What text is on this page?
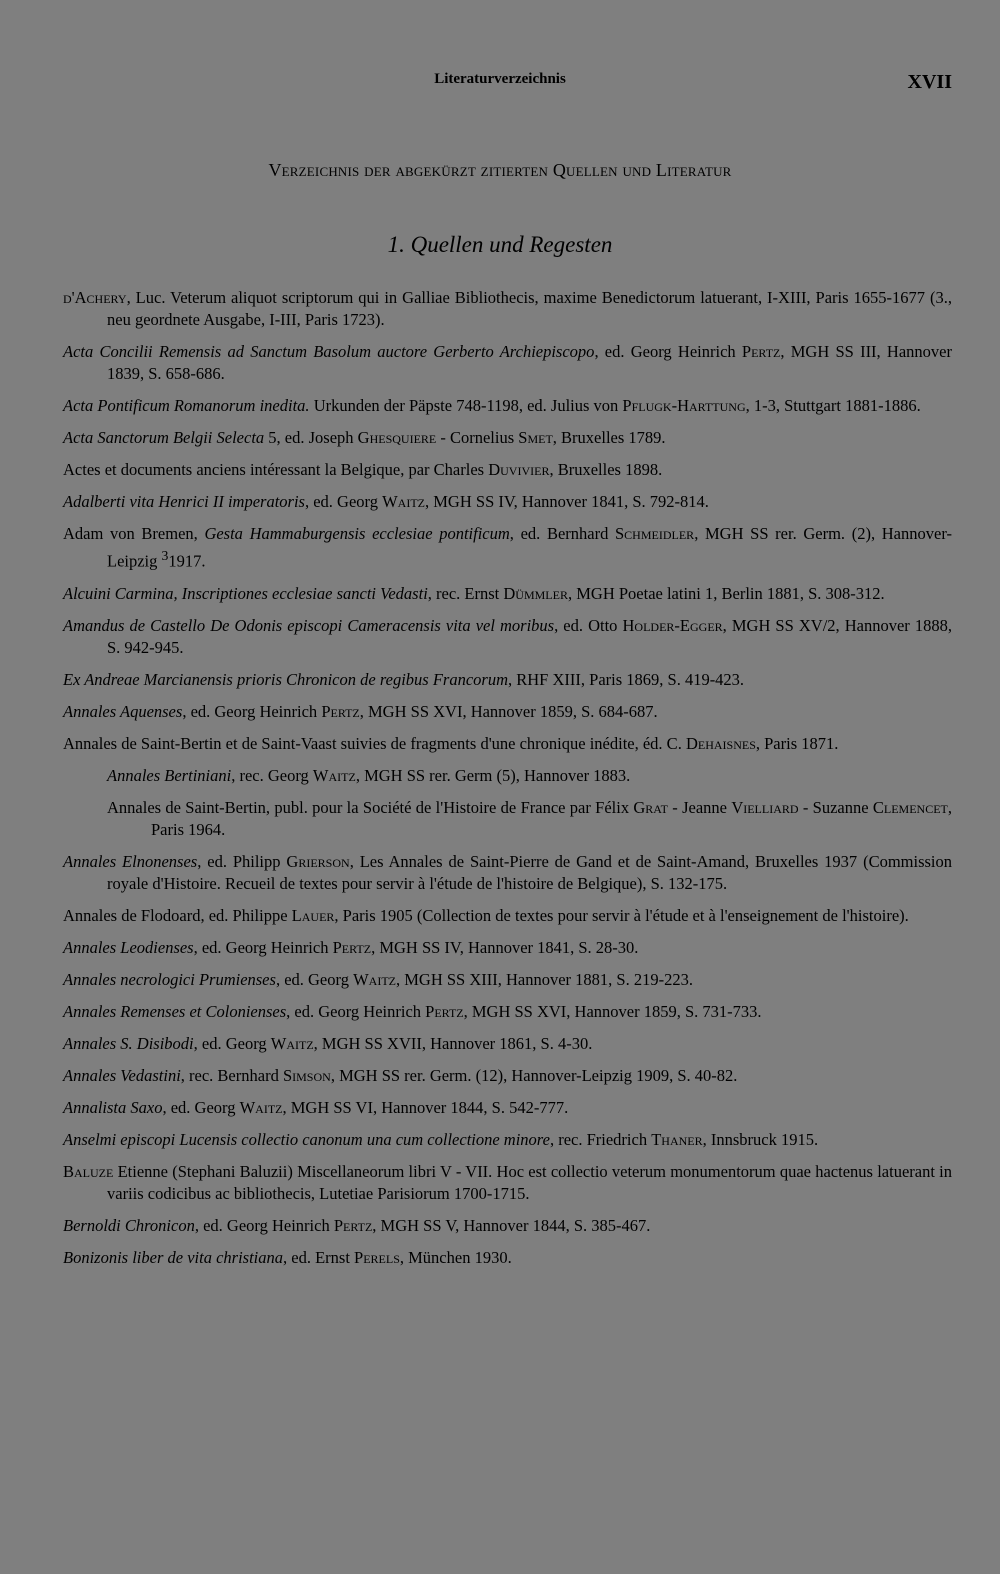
Literaturverzeichnis	XVII
Verzeichnis der abgekürzt zitierten Quellen und Literatur
1. Quellen und Regesten

d'Achery, Luc. Veterum aliquot scriptorum qui in Galliae Bibliothecis, maxime Benedictorum latuerant, I-XIII, Paris 1655-1677 (3., neu geordnete Ausgabe, I-III, Paris 1723).

Acta Concilii Remensis ad Sanctum Basolum auctore Gerberto Archiepiscopo, ed. Georg Heinrich Pertz, MGH SS III, Hannover 1839, S. 658-686.

Acta Pontificum Romanorum inedita. Urkunden der Päpste 748-1198, ed. Julius von Pflugk-Harttung, 1-3, Stuttgart 1881-1886.

Acta Sanctorum Belgii Selecta 5, ed. Joseph Ghesquiere - Cornelius Smet, Bruxelles 1789.

Actes et documents anciens intéressant la Belgique, par Charles Duvivier, Bruxelles 1898.

Adalberti vita Henrici II imperatoris, ed. Georg Waitz, MGH SS IV, Hannover 1841, S. 792-814.

Adam von Bremen, Gesta Hammaburgensis ecclesiae pontificum, ed. Bernhard Schmeidler, MGH SS rer. Germ. (2), Hannover-Leipzig $^3$1917.

Alcuini Carmina, Inscriptiones ecclesiae sancti Vedasti, rec. Ernst Dümmler, MGH Poetae latini 1, Berlin 1881, S. 308-312.

Amandus de Castello De Odonis episcopi Cameracensis vita vel moribus, ed. Otto Holder-Egger, MGH SS XV/2, Hannover 1888, S. 942-945.

Ex Andreae Marcianensis prioris Chronicon de regibus Francorum, RHF XIII, Paris 1869, S. 419-423.

Annales Aquenses, ed. Georg Heinrich Pertz, MGH SS XVI, Hannover 1859, S. 684-687.

Annales de Saint-Bertin et de Saint-Vaast suivies de fragments d'une chronique inédite, éd. C. Dehaisnes, Paris 1871.

Annales Bertiniani, rec. Georg Waitz, MGH SS rer. Germ (5), Hannover 1883.

Annales de Saint-Bertin, publ. pour la Société de l'Histoire de France par Félix Grat - Jeanne Vielliard - Suzanne Clemencet, Paris 1964.

Annales Elnonenses, ed. Philipp Grierson, Les Annales de Saint-Pierre de Gand et de Saint-Amand, Bruxelles 1937 (Commission royale d'Histoire. Recueil de textes pour servir à l'étude de l'histoire de Belgique), S. 132-175.

Annales de Flodoard, ed. Philippe Lauer, Paris 1905 (Collection de textes pour servir à l'étude et à l'enseignement de l'histoire).

Annales Leodienses, ed. Georg Heinrich Pertz, MGH SS IV, Hannover 1841, S. 28-30.

Annales necrologici Prumienses, ed. Georg Waitz, MGH SS XIII, Hannover 1881, S. 219-223.

Annales Remenses et Colonienses, ed. Georg Heinrich Pertz, MGH SS XVI, Hannover 1859, S. 731-733.

Annales S. Disibodi, ed. Georg Waitz, MGH SS XVII, Hannover 1861, S. 4-30.

Annales Vedastini, rec. Bernhard Simson, MGH SS rer. Germ. (12), Hannover-Leipzig 1909, S. 40-82.

Annalista Saxo, ed. Georg Waitz, MGH SS VI, Hannover 1844, S. 542-777.

Anselmi episcopi Lucensis collectio canonum una cum collectione minore, rec. Friedrich Thaner, Innsbruck 1915.

Baluze Etienne (Stephani Baluzii) Miscellaneorum libri V - VII. Hoc est collectio veterum monumentorum quae hactenus latuerant in variis codicibus ac bibliothecis, Lutetiae Parisiorum 1700-1715.

Bernoldi Chronicon, ed. Georg Heinrich Pertz, MGH SS V, Hannover 1844, S. 385-467.

Bonizonis liber de vita christiana, ed. Ernst Perels, München 1930.
